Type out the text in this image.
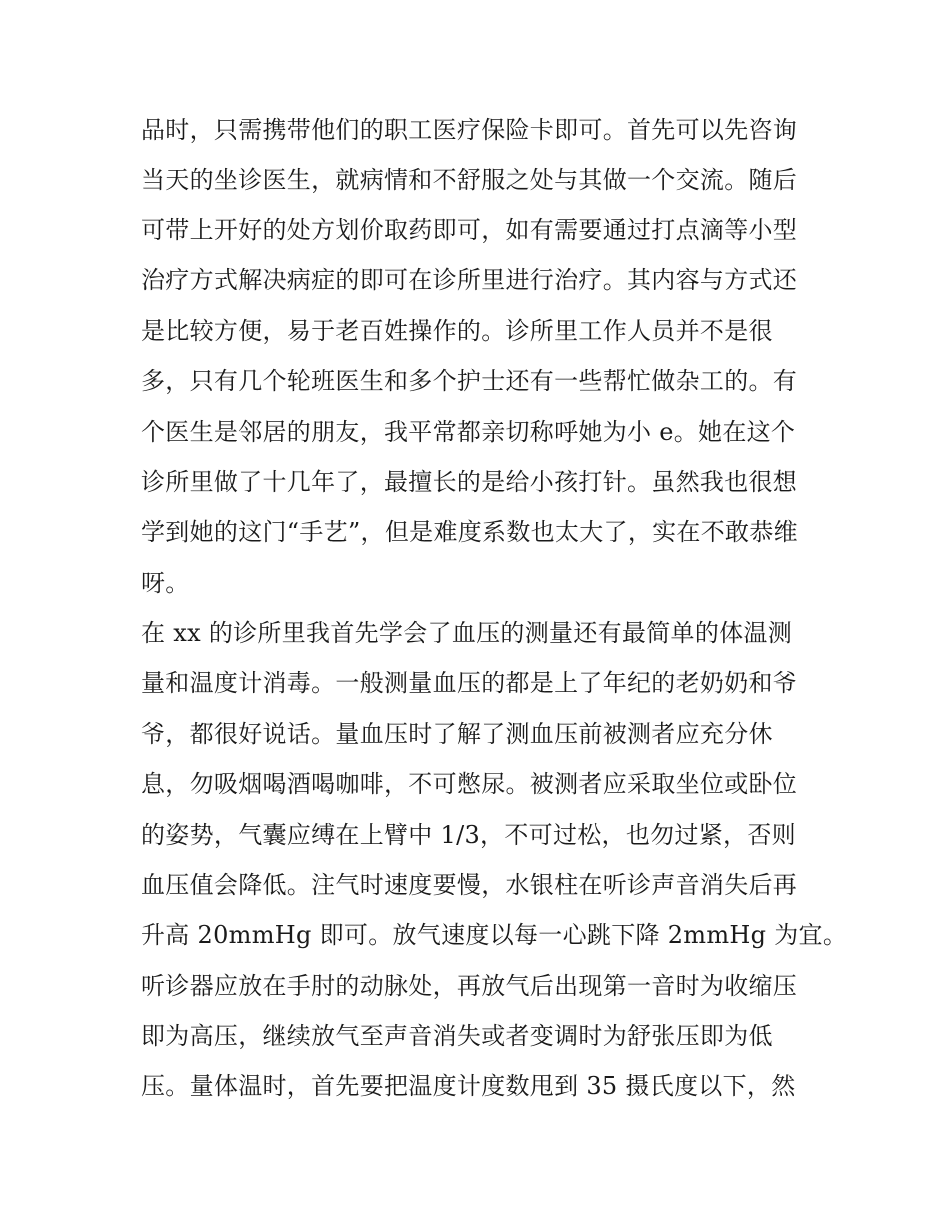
品时，只需携带他们的职工医疗保险卡即可。首先可以先咨询
当天的坐诊医生，就病情和不舒服之处与其做一个交流。随后
可带上开好的处方划价取药即可，如有需要通过打点滴等小型
治疗方式解决病症的即可在诊所里进行治疗。其内容与方式还
是比较方便，易于老百姓操作的。诊所里工作人员并不是很
多，只有几个轮班医生和多个护士还有一些帮忙做杂工的。有
个医生是邻居的朋友，我平常都亲切称呼她为小 e。她在这个
诊所里做了十几年了，最擅长的是给小孩打针。虽然我也很想
学到她的这门“手艺”，但是难度系数也太大了，实在不敢恭维
呀。
在 xx 的诊所里我首先学会了血压的测量还有最简单的体温测
量和温度计消毒。一般测量血压的都是上了年纪的老奶奶和爷
爷，都很好说话。量血压时了解了测血压前被测者应充分休
息，勿吸烟喝酒喝咖啡，不可憋尿。被测者应采取坐位或卧位
的姿势，气囊应缚在上臂中 1/3，不可过松，也勿过紧，否则
血压值会降低。注气时速度要慢，水银柱在听诊声音消失后再
升高 20mmHg 即可。放气速度以每一心跳下降 2mmHg 为宜。
听诊器应放在手肘的动脉处，再放气后出现第一音时为收缩压
即为高压，继续放气至声音消失或者变调时为舒张压即为低
压。量体温时，首先要把温度计度数甩到 35 摄氏度以下，然
